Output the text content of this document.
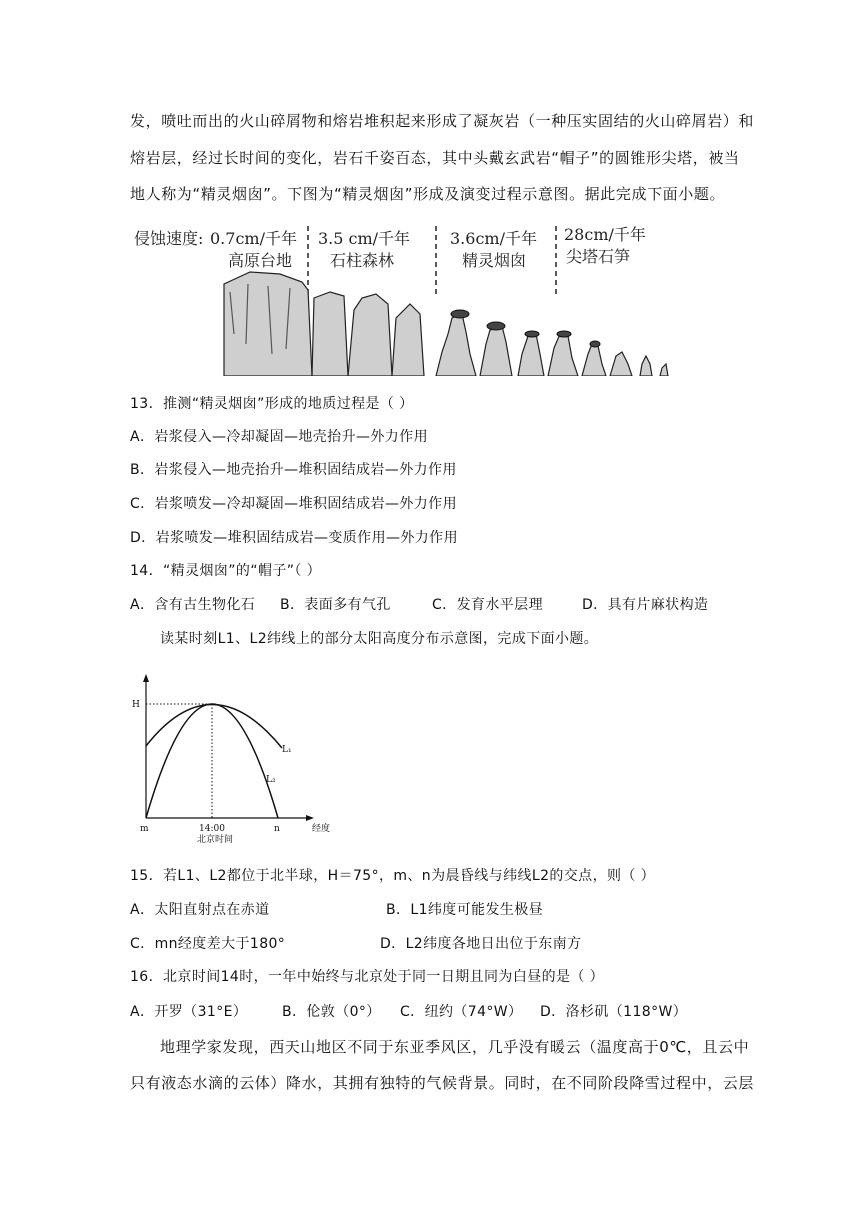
发，喷吐而出的火山碎屑物和熔岩堆积起来形成了凝灰岩（一种压实固结的火山碎屑岩）和
熔岩层，经过长时间的变化，岩石千姿百态，其中头戴玄武岩“帽子”的圆锥形尖塔，被当
地人称为“精灵烟囱”。下图为“精灵烟囱”形成及演变过程示意图。据此完成下面小题。
侵蚀速度: 0.7cm/千年
高原台地
3.5 cm/千年
石柱森林
3.6cm/千年
精灵烟囱
28cm/千年
尖塔石笋
13．推测“精灵烟囱”形成的地质过程是（ ）
A．岩浆侵入—冷却凝固—地壳抬升—外力作用
B．岩浆侵入—地壳抬升—堆积固结成岩—外力作用
C．岩浆喷发—冷却凝固—堆积固结成岩—外力作用
D．岩浆喷发—堆积固结成岩—变质作用—外力作用
14．“精灵烟囱”的“帽子”（ ）
A．含有古生物化石 B．表面多有气孔	C．发育水平层理	D．具有片麻状构造
读某时刻L1、L2纬线上的部分太阳高度分布示意图，完成下面小题。
H
L₁
L₂
m	14:00
北京时间
n	经度
15．若L1、L2都位于北半球，H＝75°，m、n为晨昏线与纬线L2的交点，则（ ）
A．太阳直射点在赤道	B．L1纬度可能发生极昼
C．mn经度差大于180°	D．L2纬度各地日出位于东南方
16．北京时间14时，一年中始终与北京处于同一日期且同为白昼的是（ ）
A．开罗（31°E） B．伦敦（0°） C．纽约（74°W） D．洛杉矶（118°W）
地理学家发现，西天山地区不同于东亚季风区，几乎没有暖云（温度高于0℃，且云中
只有液态水滴的云体）降水，其拥有独特的气候背景。同时，在不同阶段降雪过程中，云层
